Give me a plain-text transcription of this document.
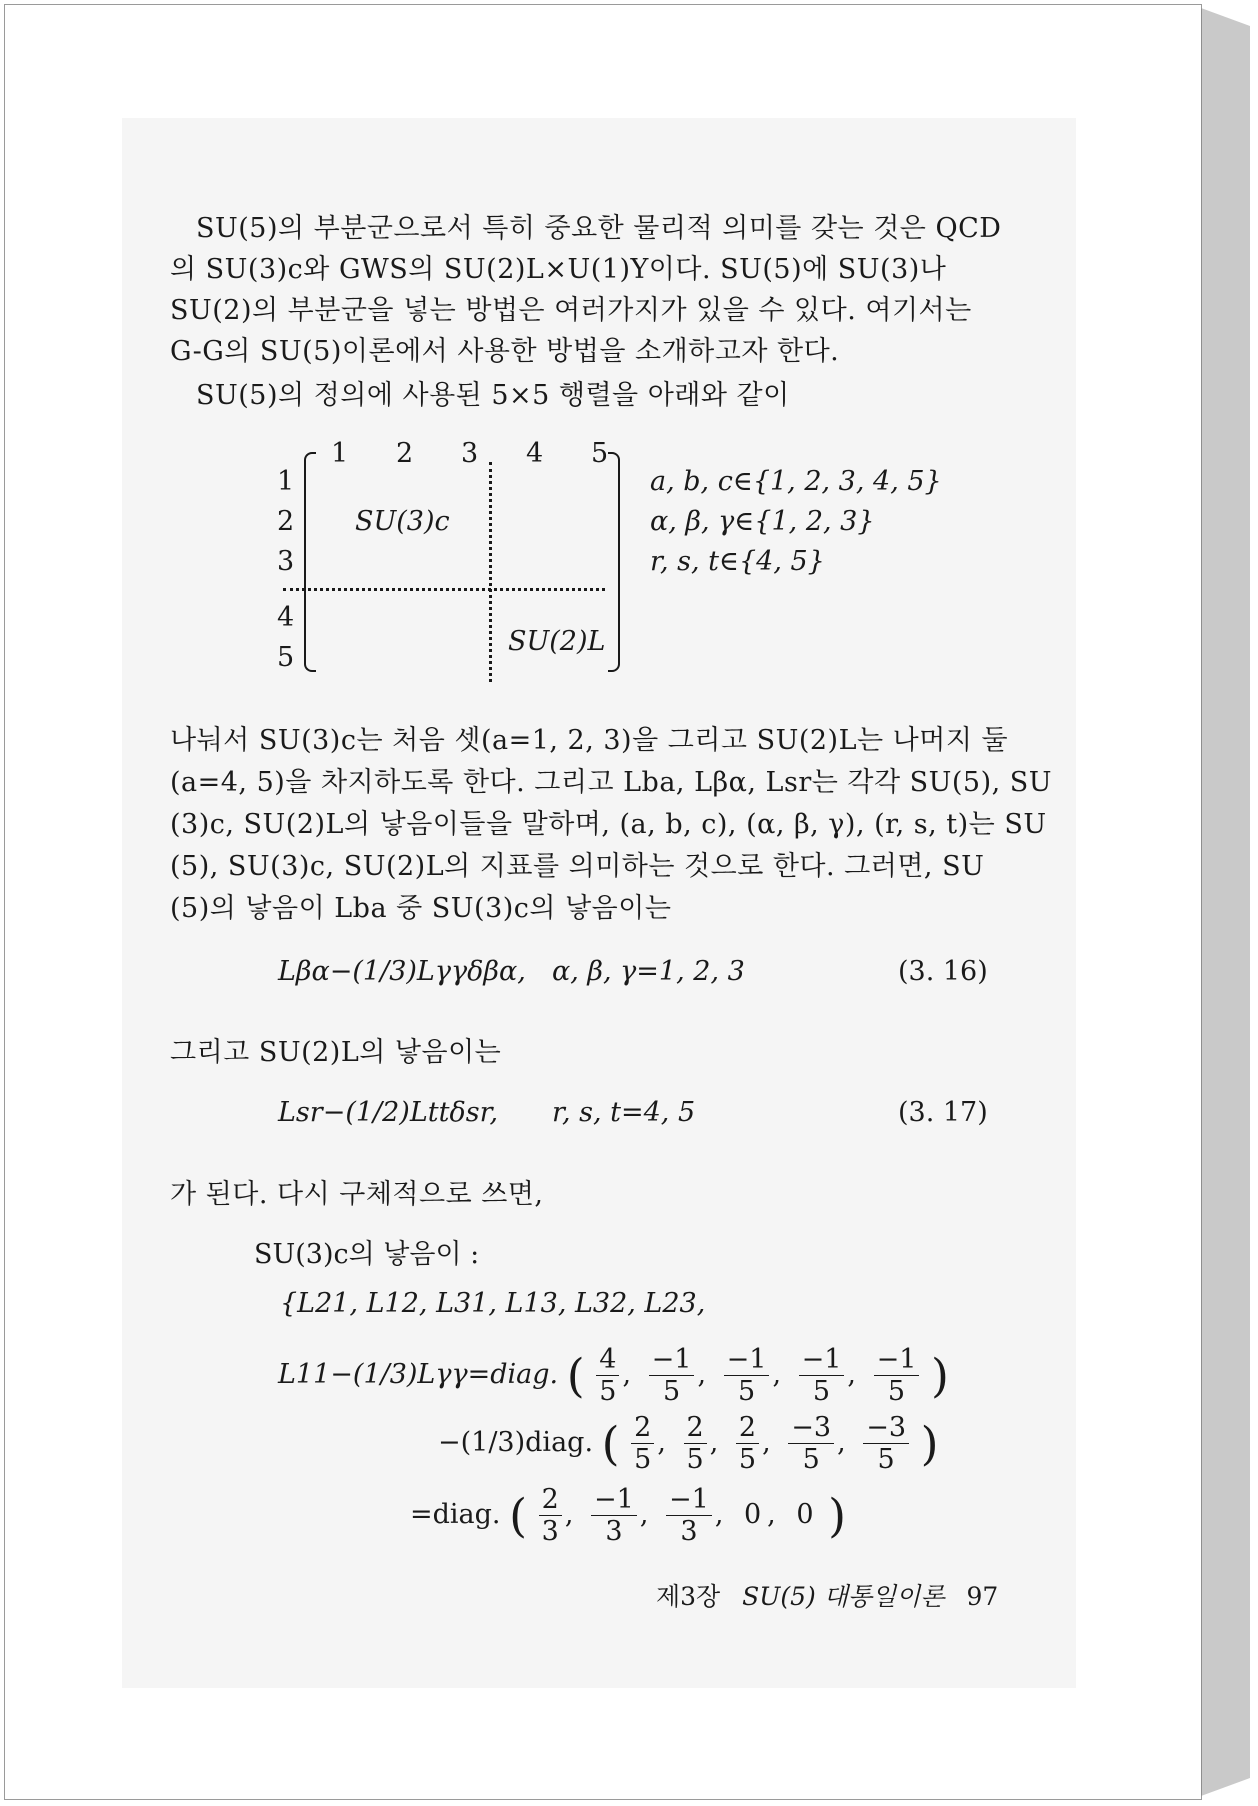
SU(5)의 부분군으로서 특히 중요한 물리적 의미를 갖는 것은 QCD
의 SU(3)c와 GWS의 SU(2)L×U(1)Y이다. SU(5)에 SU(3)나
SU(2)의 부분군을 넣는 방법은 여러가지가 있을 수 있다. 여기서는
G-G의 SU(5)이론에서 사용한 방법을 소개하고자 한다.
SU(5)의 정의에 사용된 5×5 행렬을 아래와 같이
1 2 3 4 5
1
2
3
4
5
SU(3)c
SU(2)L
a, b, c∈{1, 2, 3, 4, 5}
α, β, γ∈{1, 2, 3}
r, s, t∈{4, 5}
나눠서 SU(3)c는 처음 셋(a=1, 2, 3)을 그리고 SU(2)L는 나머지 둘
(a=4, 5)을 차지하도록 한다. 그리고 Lba, Lβα, Lsr는 각각 SU(5), SU
(3)c, SU(2)L의 낳음이들을 말하며, (a, b, c), (α, β, γ), (r, s, t)는 SU
(5), SU(3)c, SU(2)L의 지표를 의미하는 것으로 한다. 그러면, SU
(5)의 낳음이 Lba 중 SU(3)c의 낳음이는
Lβα−(1/3)Lγγδβα, α, β, γ=1, 2, 3	(3. 16)
그리고 SU(2)L의 낳음이는
Lsr−(1/2)Lttδsr, r, s, t=4, 5	(3. 17)
가 된다. 다시 구체적으로 쓰면,
SU(3)c의 낳음이 :
{L21, L12, L31, L13, L32, L23,
L11−(1/3)Lγγ=diag. ( $\frac{4}{5}$ , $\frac{-1}{5}$ , $\frac{-1}{5}$ , $\frac{-1}{5}$ , $\frac{-1}{5}$ )
−(1/3)diag. ( $\frac{2}{5}$ , $\frac{2}{5}$ , $\frac{2}{5}$ , $\frac{-3}{5}$ , $\frac{-3}{5}$ )
=diag. ( $\frac{2}{3}$ , $\frac{-1}{3}$ , $\frac{-1}{3}$ , 0 , 0 )
제3장 SU(5) 대통일이론 97
